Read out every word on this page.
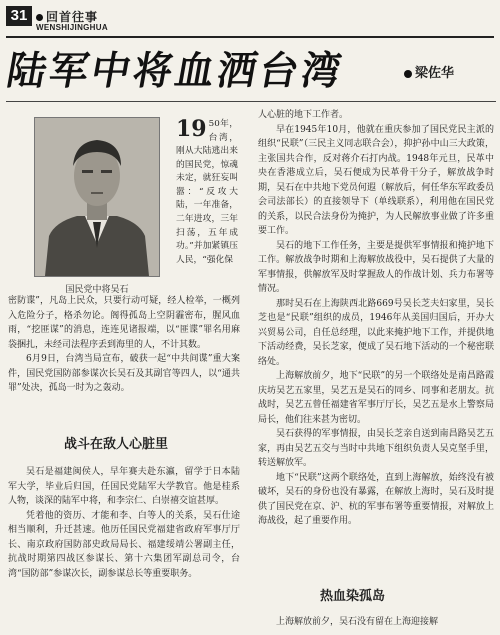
31	回首往事
WENSHIJINGHUA
陆军中将血洒台湾	梁佐华
国民党中将吴石

19 50年，台湾，刚从大陆逃出来的国民党，惊魂未定，就狂妄叫嚣：“反攻大陆，一年准备，二年进攻，三年扫荡，五年成功。”并加紧镇压人民，“强化保

密防谍”，凡岛上民众，只要行动可疑，经人检举，一概列入危险分子，格杀勿论。阁得孤岛上空阴霾密布，腥风血雨，“挖匪谋”的消息，连连见诸报端，以“匪谍”罪名用麻袋捆扎，未经司法程序丢到海里的人，不计其数。

6月9日，台湾当局宣布，破获一起“中共间谍”重大案件，国民党国防部参谋次长吴石及其副官等四人，以“通共罪”处决，孤岛一时为之轰动。

战斗在敌人心脏里

吴石是福建闽侯人，早年赛夫赴东瀛，留学于日本陆军大学，毕业后归国，任国民党陆军大学教官。他是桂系人物，谈深的陆军中将，和李宗仁、白崇禧交谊甚厚。

凭着他的资历、才能和李、白等人的关系，吴石仕途相当顺利，升迁甚速。他历任国民党福建省政府军事厅厅长、南京政府国防部史政局局长、福建绥靖公署副主任，抗战时期第四战区参谋长、第十六集团军副总司令，台湾“国防部”参谋次长，副参谋总长等重要职务。

人心脏的地下工作者。

早在1945年10月，他就在重庆参加了国民党民主派的组织“民联”（三民主义同志联合会），抑护孙中山三大政策，主张国共合作，反对蒋介石打内战。1948年元旦，民革中央在香港成立后，吴石便成为民革骨干分子，解放战争时期，吴石在中共地下党员何遐（解放后，何任华东军政委员会司法部长）的直接领导下（单线联系），利用他在国民党的关系，以民合法身份为掩护，为人民解放事业做了许多重要工作。

吴石的地下工作任务，主要是提供军事情报和掩护地下工作。解放战争时期和上海解放战役中，吴石提供了大量的军事情报，供解放军及时掌握敌人的作战计划、兵力布署等情况。

那时吴石在上海陕西北路669号吴长芝夫妇家里，吴长芝也是“民联”组织的成员，1946年从美国归国后，开办大兴贸易公司，自任总经理，以此来掩护地下工作，并提供地下活动经费，吴长芝家，便成了吴石地下活动的一个秘密联络处。

上海解放前夕，地下“民联”的另一个联络处是南昌路霞庆坊吴艺五家里，吴艺五是吴石的同乡、同事和老朋友。抗战时，吴艺五曾任福建省军事厅厅长，吴艺五是水上警察局局长，他们往来甚为密切。

吴石获得的军事情报，由吴长芝亲自送到南昌路吴艺五家，再由吴艺五交与当时中共地下组织负责人吴克坚手里，转送解放军。

地下“民联”这两个联络处，直到上海解放，始终没有被破坏，吴石的身份也没有暴露，在解放上海时，吴石及时提供了国民党在京、沪、杭的军事布署等重要情报，对解放上海战役，起了重要作用。

热血染孤岛

上海解放前夕，吴石没有留在上海迎接解
